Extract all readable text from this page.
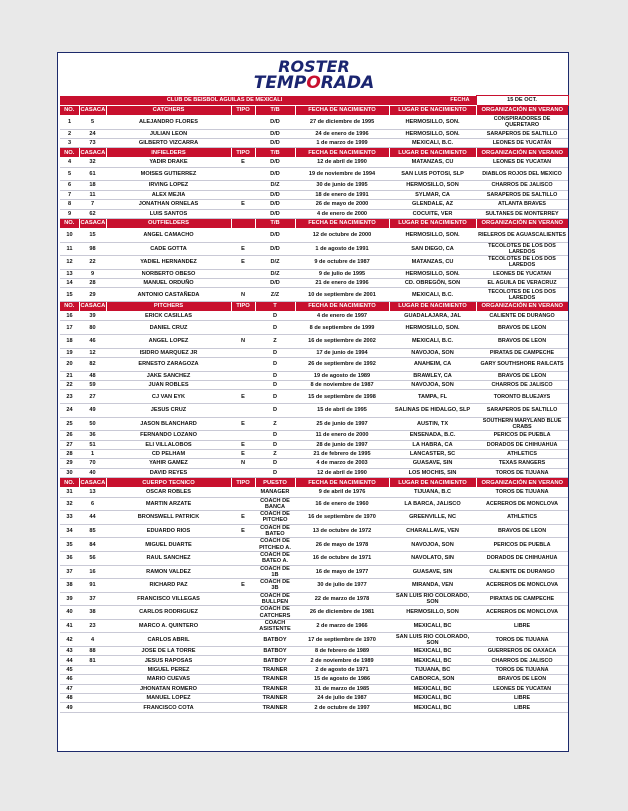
ROSTER
TEMPORADA
CLUB DE BEISBOL AGUILAS DE MEXICALI						FECHA	15 DE OCT.
NO.	CASACA	CATCHERS	TIPO	T/B	FECHA DE NACIMIENTO	LUGAR DE NACIMIENTO	ORGANIZACIÓN EN VERANO
1	5	ALEJANDRO FLORES		D/D	27 de diciembre de 1995	HERMOSILLO, SON.	CONSPIRADORES DE QUERETARO
2	24	JULIAN LEON		D/D	24 de enero de 1996	HERMOSILLO, SON.	SARAPEROS DE SALTILLO
3	73	GILBERTO VIZCARRA		D/D	1 de marzo de 1999	MEXICALI, B.C.	LEONES DE YUCATÁN
NO.	CASACA	INFIELDERS	TIPO	T/B	FECHA DE NACIMIENTO	LUGAR DE NACIMIENTO	ORGANIZACIÓN EN VERANO
4	32	YADIR DRAKE	E	D/D	12 de abril de 1990	MATANZAS, CU	LEONES DE YUCATAN
5	61	MOISES GUTIERREZ		D/D	19 de noviembre de 1994	SAN LUIS POTOSI, SLP	DIABLOS ROJOS DEL MEXICO
6	18	IRVING LOPEZ		D/Z	30 de junio de 1995	HERMOSILLO, SON	CHARROS DE JALISCO
7	11	ALEX MEJIA		D/D	18 de enero de 1991	SYLMAR, CA	SARAPEROS DE SALTILLO
8	7	JONATHAN ORNELAS	E	D/D	26 de mayo de 2000	GLENDALE, AZ	ATLANTA BRAVES
9	62	LUIS SANTOS		D/D	4 de enero de 2000	COCUITE, VER	SULTANES DE MONTERREY
NO.	CASACA	OUTFIELDERS		T/B	FECHA DE NACIMIENTO	LUGAR DE NACIMIENTO	ORGANIZACIÓN EN VERANO
10	15	ANGEL CAMACHO		D/D	12 de octubre de 2000	HERMOSILLO, SON.	RIELEROS DE AGUASCALIENTES
11	98	CADE GOTTA	E	D/D	1 de agosto de 1991	SAN DIEGO, CA	TECOLOTES DE LOS DOS LAREDOS
12	22	YADIEL HERNANDEZ	E	D/Z	9 de octubre de 1987	MATANZAS, CU	TECOLOTES DE LOS DOS LAREDOS
13	9	NORBERTO OBESO		D/Z	9 de julio de 1995	HERMOSILLO, SON.	LEONES DE YUCATAN
14	28	MANUEL ORDUÑO		D/D	21 de enero de 1996	CD. OBREGÓN, SON	EL AGUILA DE VERACRUZ
15	29	ANTONIO CASTAÑEDA	N	Z/Z	10 de septiembre de 2001	MEXICALI, B.C.	TECOLOTES DE LOS DOS LAREDOS
NO.	CASACA	PITCHERS	TIPO	T	FECHA DE NACIMIENTO	LUGAR DE NACIMIENTO	ORGANIZACIÓN EN VERANO
16	39	ERICK CASILLAS		D	4 de enero de 1997	GUADALAJARA, JAL	CALIENTE DE DURANGO
17	80	DANIEL CRUZ		D	8 de septiembre de 1999	HERMOSILLO, SON.	BRAVOS DE LEON
18	46	ANGEL LOPEZ	N	Z	16 de septiembre de 2002	MEXICALI, B.C.	BRAVOS DE LEON
19	12	ISIDRO MARQUEZ JR		D	17 de junio de 1994	NAVOJOA, SON	PIRATAS DE CAMPECHE
20	82	ERNESTO ZARAGOZA		D	26 de septiembre de 1992	ANAHEIM, CA	GARY SOUTHSHORE RAILCATS
21	48	JAKE SANCHEZ		D	19 de agosto de 1989	BRAWLEY, CA	BRAVOS DE LEON
22	59	JUAN ROBLES		D	8 de noviembre de 1987	NAVOJOA, SON	CHARROS DE JALISCO
23	27	CJ VAN EYK	E	D	15 de septiembre de 1998	TAMPA, FL	TORONTO BLUEJAYS
24	49	JESUS CRUZ		D	15 de abril de 1995	SALINAS DE HIDALGO, SLP	SARAPEROS DE SALTILLO
25	50	JASON BLANCHARD	E	Z	25 de junio de 1997	AUSTIN, TX	SOUTHERN MARYLAND BLUE CRABS
26	36	FERNANDO LOZANO		D	11 de enero de 2000	ENSENADA, B.C.	PERICOS DE PUEBLA
27	51	ELI VILLALOBOS	E	D	28 de junio de 1997	LA HABRA, CA	DORADOS DE CHIHUAHUA
28	1	CD PELHAM	E	Z	21 de febrero de 1995	LANCASTER, SC	ATHLETICS
29	70	YAHIR GAMEZ	N	D	4 de marzo de 2003	GUASAVE, SIN	TEXAS RANGERS
30	40	DAVID REYES		D	12 de abril de 1990	LOS MOCHIS, SIN	TOROS DE TIJUANA
NO.	CASACA	CUERPO TECNICO	TIPO	PUESTO	FECHA DE NACIMIENTO	LUGAR DE NACIMIENTO	ORGANIZACIÓN EN VERANO
31	13	OSCAR ROBLES		MANAGER	9 de abril de 1976	TIJUANA, B.C	TOROS DE TIJUANA
32	6	MARTIN ARZATE		COACH DE BANCA	16 de enero de 1960	LA BARCA, JALISCO	ACEREROS DE MONCLOVA
33	44	BRONSWELL PATRICK	E	COACH DE PITCHEO	16 de septiembre de 1970	GREENVILLE, NC	ATHLETICS
34	85	EDUARDO RIOS	E	COACH DE BATEO	13 de octubre de 1972	CHARALLAVE, VEN	BRAVOS DE LEON
35	84	MIGUEL DUARTE		COACH DE PITCHEO A.	26 de mayo de 1978	NAVOJOA, SON	PERICOS DE PUEBLA
36	56	RAUL SANCHEZ		COACH DE BATEO A.	16 de octubre de 1971	NAVOLATO, SIN	DORADOS DE CHIHUAHUA
37	16	RAMON VALDEZ		COACH DE 1B	16 de mayo de 1977	GUASAVE, SIN	CALIENTE DE DURANGO
38	91	RICHARD PAZ	E	COACH DE 3B	30 de julio de 1977	MIRANDA, VEN	ACEREROS DE MONCLOVA
39	37	FRANCISCO VILLEGAS		COACH DE BULLPEN	22 de marzo de 1978	SAN LUIS RIO COLORADO, SON	PIRATAS DE CAMPECHE
40	38	CARLOS RODRIGUEZ		COACH DE CATCHERS	26 de diciembre de 1981	HERMOSILLO, SON	ACEREROS DE MONCLOVA
41	23	MARCO A. QUINTERO		COACH ASISTENTE	2 de marzo de 1966	MEXICALI, BC	LIBRE
42	4	CARLOS ABRIL		BATBOY	17 de septiembre de 1970	SAN LUIS RIO COLORADO, SON	TOROS DE TIJUANA
43	88	JOSE DE LA TORRE		BATBOY	8 de febrero de 1989	MEXICALI, BC	GUERREROS DE OAXACA
44	81	JESUS RAPOSAS		BATBOY	2 de noviembre de 1989	MEXICALI, BC	CHARROS DE JALISCO
45		MIGUEL PEREZ		TRAINER	2 de agosto de 1971	TIJUANA, BC	TOROS DE TIJUANA
46		MARIO CUEVAS		TRAINER	15 de agosto de 1986	CABORCA, SON	BRAVOS DE LEON
47		JHONATAN ROMERO		TRAINER	31 de marzo de 1985	MEXICALI, BC	LEONES DE YUCATAN
48		MANUEL LOPEZ		TRAINER	24 de julio de 1987	MEXICALI, BC	LIBRE
49		FRANCISCO COTA		TRAINER	2 de octubre de 1997	MEXICALI, BC	LIBRE
